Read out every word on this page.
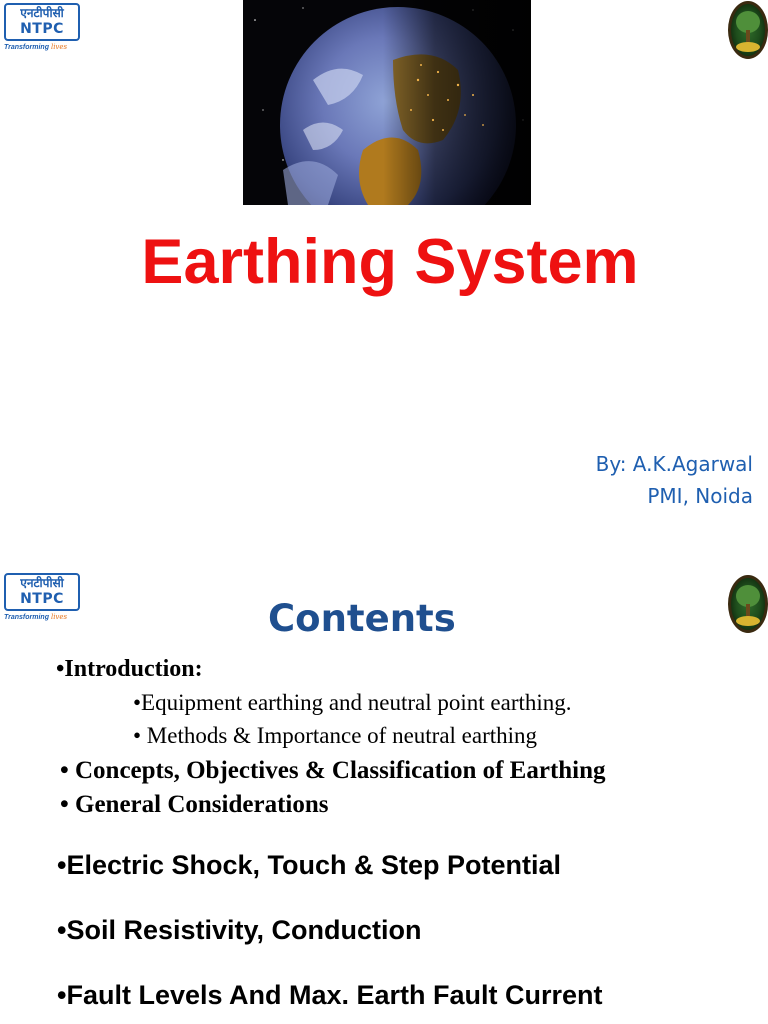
एनटीपीसी
NTPC
Transforming lives
Earthing System
By: A.K.Agarwal
PMI, Noida
एनटीपीसी
NTPC
Transforming lives	Contents
•Introduction:
•Equipment earthing and neutral point earthing.
• Methods & Importance of neutral earthing
• Concepts, Objectives & Classification of Earthing
• General Considerations
•Electric Shock, Touch & Step Potential
•Soil Resistivity, Conduction
•Fault Levels And Max. Earth Fault Current
